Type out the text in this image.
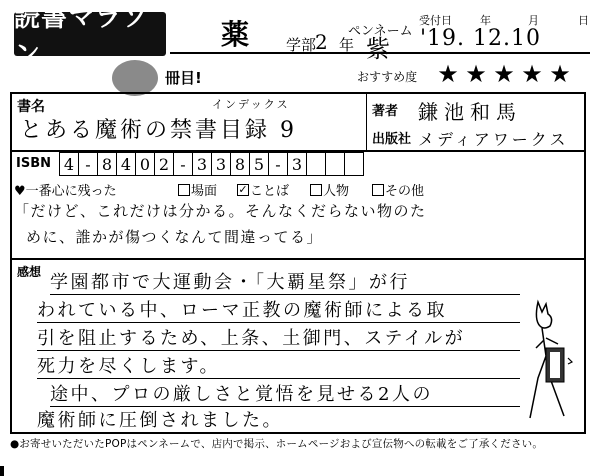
読書マラソン
薬 学部
2 年
ペンネーム
紫
受付日	年	月	日
'19. 12.10
冊目!	おすすめ度 ★ ★ ★ ★ ★
書名	インデックス
とある魔術の禁書目録 9
著者 鎌池和馬
出版社 メディアワークス
ISBN 4 - 8 4 0 2 - 3 3 8 5 - 3
♥一番心に残った	場面 ✓ ことば	人物	その他
「だけど、これだけは分かる。そんなくだらない物のた
めに、誰かが傷つくなんて間違ってる」
感想 学園都市で大運動会・「大覇星祭」が行
われている中、ローマ正教の魔術師による取
引を阻止するため、上条、土御門、ステイルが
死力を尽くします。
途中、プロの厳しさと覚悟を見せる2人の
魔術師に圧倒されました。
●お寄せいただいたPOPはペンネームで、店内で掲示、ホームページおよび宣伝物への転載をご了承ください。
